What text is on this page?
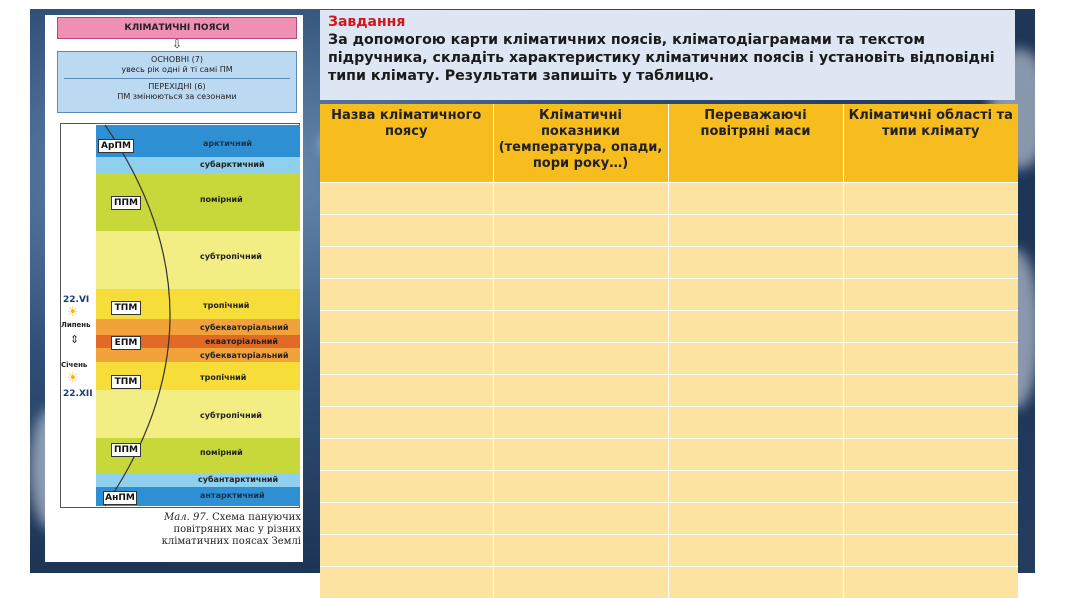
КЛІМАТИЧНІ ПОЯСИ
⇩
ОСНОВНІ (7)
увесь рік одні й ті самі ПМ
ПЕРЕХІДНІ (6)
ПМ змінюються за сезонами
арктичний
субарктичний
помірний
субтропічний
тропічний
субекваторіальний
екваторіальний
субекваторіальний
тропічний
субтропічний
помірний
субантарктичний
антарктичний
АрПМ
ППМ
ТПМ
ЕПМ
ТПМ
ППМ
АнПМ
22.VI
☀
Липень
⇕
Січень
☀
22.XII
Мал. 97. Схема пануючих повітряних мас у різних кліматичних поясах Землі
Завдання
За допомогою карти кліматичних поясів, кліматодіаграмами та текстом підручника, складіть характеристику кліматичних поясів і установіть відповідні типи клімату. Результати запишіть у таблицю.
Назва кліматичного поясу	Кліматичні показники (температура, опади, пори року…)	Переважаючі повітряні маси	Кліматичні області та типи клімату
